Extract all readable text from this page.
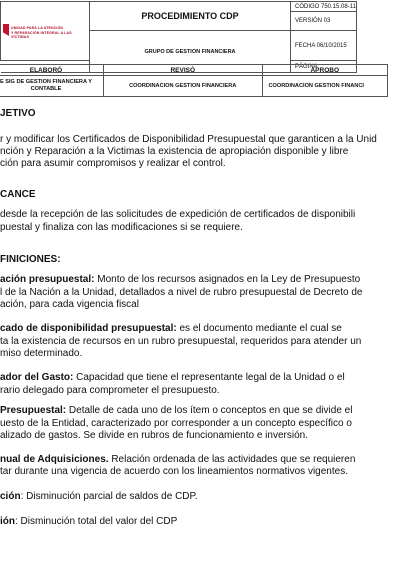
UNIDAD PARA LA ATENCIÓN
Y REPARACIÓN INTEGRAL A LAS VÍCTIMAS	PROCEDIMIENTO CDP	CÓDIGO 750.15.08-11
		VERSIÓN 03
	GRUPO DE GESTION FINANCIERA	FECHA 06/10/2015
		PÁGINA
ELABORÓ	REVISÓ	APROBO

E SIG DE GESTION FINANCIERA Y
CONTABLE	COORDINACION GESTION FINANCIERA	COORDINACION GESTION FINANCI
JETIVO
r y modificar los Certificados de Disponibilidad Presupuestal que garanticen a la Unid
nción y Reparación a la Victimas la existencia de apropiación disponible y libre
ción para asumir compromisos y realizar el control.
CANCE
desde la recepción de las solicitudes de expedición de certificados de disponibili
puestal y finaliza con las modificaciones si se requiere.
FINICIONES:
ación presupuestal: Monto de los recursos asignados en la Ley de Presupuesto
l de la Nación a la Unidad, detallados a nivel de rubro presupuestal de Decreto de
ación, para cada vigencia fiscal
cado de disponibilidad presupuestal: es el documento mediante el cual se
ta la existencia de recursos en un rubro presupuestal, requeridos para atender un
miso determinado.
ador del Gasto: Capacidad que tiene el representante legal de la Unidad o el
rario delegado para comprometer el presupuesto.
Presupuestal: Detalle de cada uno de los ítem o conceptos en que se divide el
uesto de la Entidad, caracterizado por corresponder a un concepto específico o
alizado de gastos. Se divide en rubros de funcionamiento e inversión.
nual de Adquisiciones. Relación ordenada de las actividades que se requieren
tar durante una vigencia de acuerdo con los lineamientos normativos vigentes.
ción: Disminución parcial de saldos de CDP.
ión: Disminución total del valor del CDP
